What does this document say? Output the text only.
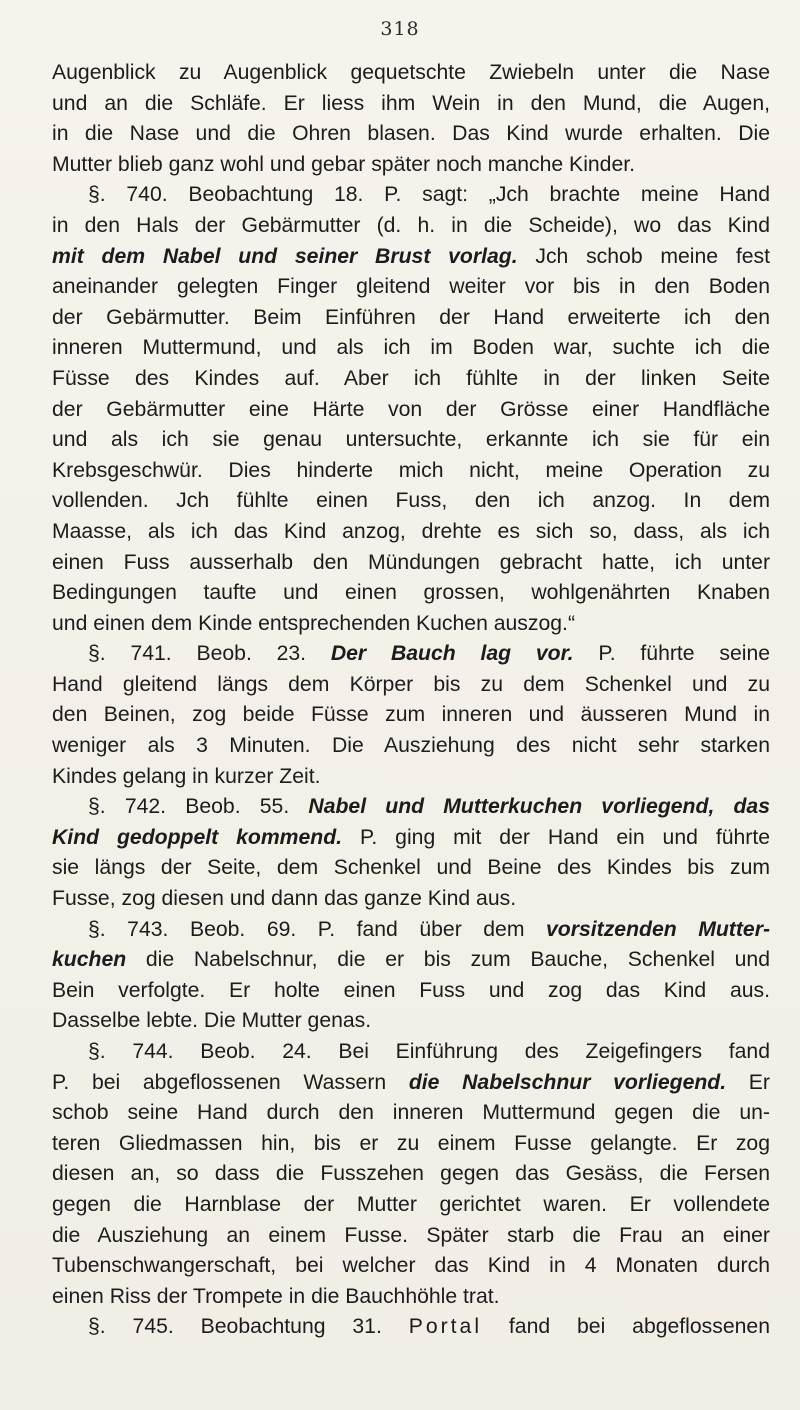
318
Augenblick zu Augenblick gequetschte Zwiebeln unter die Nase
und an die Schläfe. Er liess ihm Wein in den Mund, die Augen,
in die Nase und die Ohren blasen. Das Kind wurde erhalten. Die
Mutter blieb ganz wohl und gebar später noch manche Kinder.
§. 740. Beobachtung 18. P. sagt: „Jch brachte meine Hand
in den Hals der Gebärmutter (d. h. in die Scheide), wo das Kind
mit dem Nabel und seiner Brust vorlag. Jch schob meine fest
aneinander gelegten Finger gleitend weiter vor bis in den Boden
der Gebärmutter. Beim Einführen der Hand erweiterte ich den
inneren Muttermund, und als ich im Boden war, suchte ich die
Füsse des Kindes auf. Aber ich fühlte in der linken Seite
der Gebärmutter eine Härte von der Grösse einer Handfläche
und als ich sie genau untersuchte, erkannte ich sie für ein
Krebsgeschwür. Dies hinderte mich nicht, meine Operation zu
vollenden. Jch fühlte einen Fuss, den ich anzog. In dem
Maasse, als ich das Kind anzog, drehte es sich so, dass, als ich
einen Fuss ausserhalb den Mündungen gebracht hatte, ich unter
Bedingungen taufte und einen grossen, wohlgenährten Knaben
und einen dem Kinde entsprechenden Kuchen auszog.“
§. 741. Beob. 23. Der Bauch lag vor. P. führte seine
Hand gleitend längs dem Körper bis zu dem Schenkel und zu
den Beinen, zog beide Füsse zum inneren und äusseren Mund in
weniger als 3 Minuten. Die Ausziehung des nicht sehr starken
Kindes gelang in kurzer Zeit.
§. 742. Beob. 55. Nabel und Mutterkuchen vorliegend, das
Kind gedoppelt kommend. P. ging mit der Hand ein und führte
sie längs der Seite, dem Schenkel und Beine des Kindes bis zum
Fusse, zog diesen und dann das ganze Kind aus.
§. 743. Beob. 69. P. fand über dem vorsitzenden Mutter-
kuchen die Nabelschnur, die er bis zum Bauche, Schenkel und
Bein verfolgte. Er holte einen Fuss und zog das Kind aus.
Dasselbe lebte. Die Mutter genas.
§. 744. Beob. 24. Bei Einführung des Zeigefingers fand
P. bei abgeflossenen Wassern die Nabelschnur vorliegend. Er
schob seine Hand durch den inneren Muttermund gegen die un-
teren Gliedmassen hin, bis er zu einem Fusse gelangte. Er zog
diesen an, so dass die Fusszehen gegen das Gesäss, die Fersen
gegen die Harnblase der Mutter gerichtet waren. Er vollendete
die Ausziehung an einem Fusse. Später starb die Frau an einer
Tubenschwangerschaft, bei welcher das Kind in 4 Monaten durch
einen Riss der Trompete in die Bauchhöhle trat.
§. 745. Beobachtung 31. Portal fand bei abgeflossenen
